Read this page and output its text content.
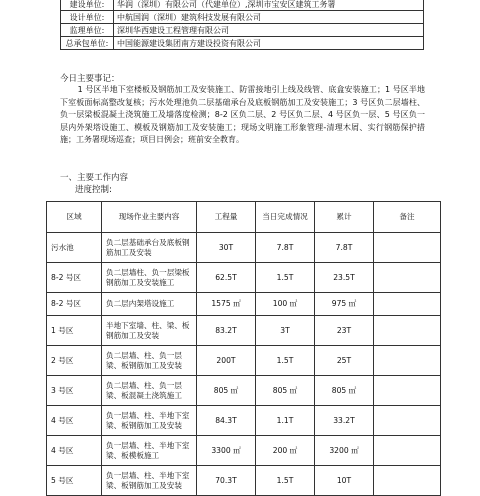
建设单位:	华润（深圳）有限公司（代建单位）,深圳市宝安区建筑工务署
设计单位:	中航国润（深圳）建筑科技发展有限公司
监理单位:	深圳华西建设工程管理有限公司
总承包单位:	中国能源建设集团南方建设投资有限公司
今日主要事记：
1 号区半地下室楼板及钢筋加工及安装施工、防雷接地引上线及线管、底盒安装施工；1 号区半地下室板面标高整改复核；污水处理池负二层基础承台及底板钢筋加工及安装施工；3 号区负二层墙柱、负一层梁板混凝土浇筑施工及墙落度检测；8-2 区负二层、2 号区负二层、4 号区负一层、5 号区负一层内外架塔设施工、模板及钢筋加工及安装施工；现场文明施工形象管理-清理木屑、实行钢筋保护措施；工务署现场巡查；项目日例会；班前安全教育。
一、主要工作内容
进度控制:
区域	现场作业主要内容	工程量	当日完成情况	累计	备注
污水池	负二层基础承台及底板钢筋加工及安装	30T	7.8T	7.8T	
8-2 号区	负二层墙柱、负一层梁板钢筋加工及安装施工	62.5T	1.5T	23.5T	
8-2 号区	负二层内架塔设施工	1575 ㎡	100 ㎡	975 ㎡	
1 号区	半地下室墙、柱、梁、板钢筋加工及安装	83.2T	3T	23T	
2 号区	负二层墙、柱、负一层梁、板钢筋加工及安装	200T	1.5T	25T	
3 号区	负二层墙、柱、负一层梁、板混凝土浇筑施工	805 ㎡	805 ㎡	805 ㎡	
4 号区	负一层墙、柱、半地下室梁、板钢筋加工及安装	84.3T	1.1T	33.2T	
4 号区	负一层墙、柱、半地下室梁、板模板施工	3300 ㎡	200 ㎡	3200 ㎡	
5 号区	负一层墙、柱、半地下室梁、板钢筋加工及安装	70.3T	1.5T	10T	
